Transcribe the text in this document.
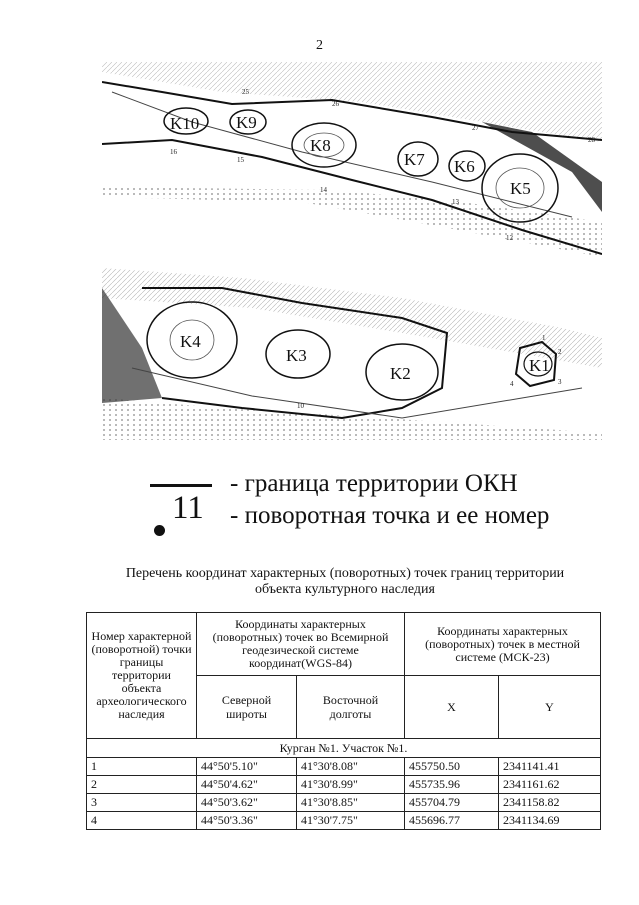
2
K10 K9
K8
K7 K6
K5
25
26
27
28
16
15
14
13
12
K4
K3
K2	K1
10
1
2
3
4
- граница территории ОКН
11 - поворотная точка и ее номер
Перечень координат характерных (поворотных) точек границ территории
объекта культурного наследия
Номер характерной (поворотной) точки границы территории объекта археологического наследия	Координаты характерных (поворотных) точек во Всемирной геодезической системе координат(WGS-84)		Координаты характерных (поворотных) точек в местной системе (МСК-23)	
	Северной широты	Восточной долготы	X	Y
Курган №1. Участок №1.				
1	44°50'5.10"	41°30'8.08"	455750.50	2341141.41
2	44°50'4.62"	41°30'8.99"	455735.96	2341161.62
3	44°50'3.62"	41°30'8.85"	455704.79	2341158.82
4	44°50'3.36"	41°30'7.75"	455696.77	2341134.69
